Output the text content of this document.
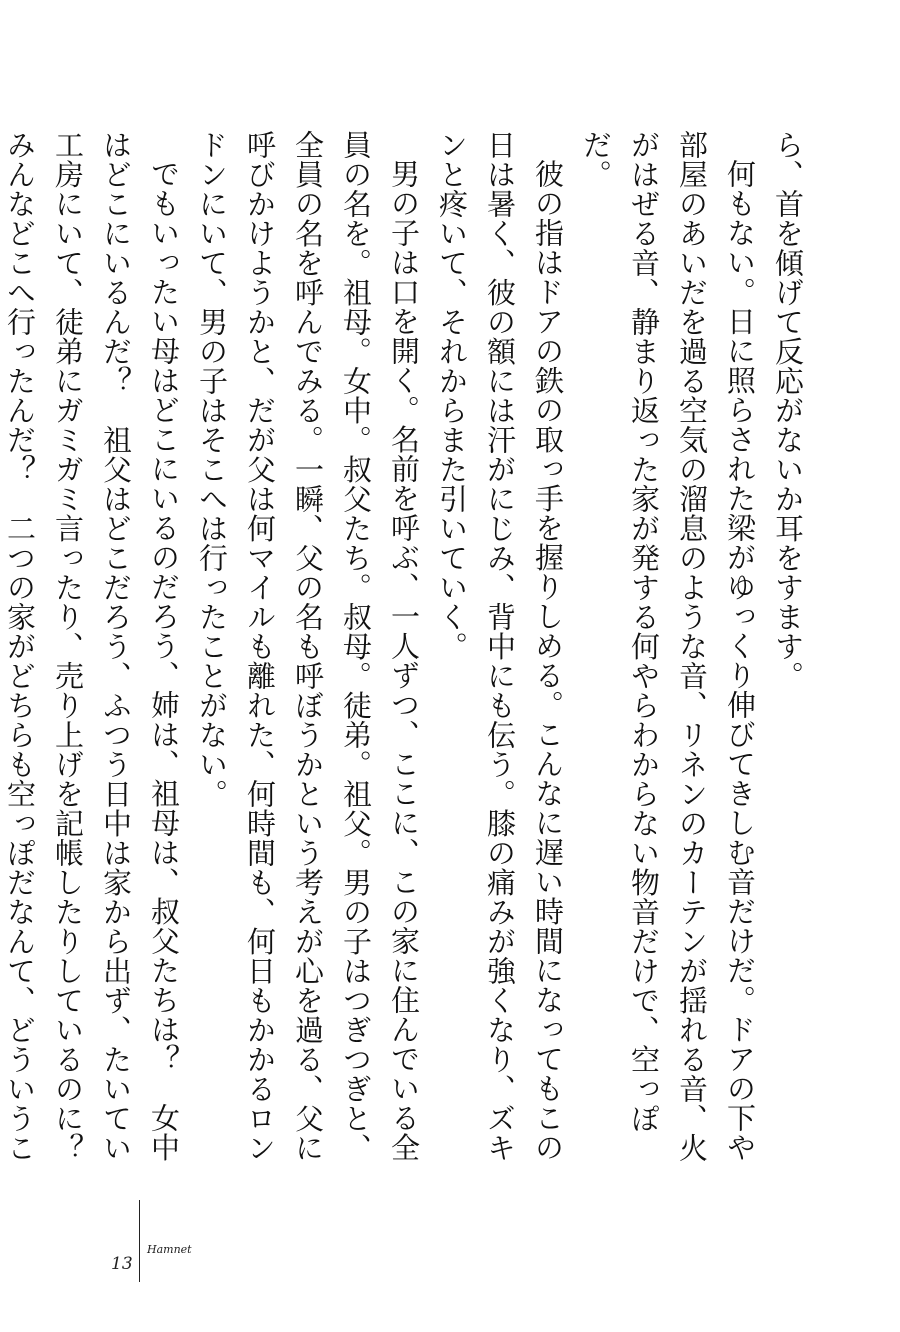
ら、首を傾げて反応がないか耳をすます。

何もない。日に照らされた梁がゆっくり伸びてきしむ音だけだ。ドアの下や部屋のあいだを過る空気の溜息のような音、リネンのカーテンが揺れる音、火がはぜる音、静まり返った家が発する何やらわからない物音だけで、空っぽだ。

彼の指はドアの鉄の取っ手を握りしめる。こんなに遅い時間になってもこの日は暑く、彼の額には汗がにじみ、背中にも伝う。膝の痛みが強くなり、ズキンと疼いて、それからまた引いていく。

男の子は口を開く。名前を呼ぶ、一人ずつ、ここに、この家に住んでいる全員の名を。祖母。女中。叔父たち。叔母。徒弟。祖父。男の子はつぎつぎと、全員の名を呼んでみる。一瞬、父の名も呼ぼうかという考えが心を過る、父に呼びかけようかと、だが父は何マイルも離れた、何時間も、何日もかかるロンドンにいて、男の子はそこへは行ったことがない。

でもいったい母はどこにいるのだろう、姉は、祖母は、叔父たちは？　女中はどこにいるんだ？　祖父はどこだろう、ふつう日中は家から出ず、たいてい工房にいて、徒弟にガミガミ言ったり、売り上げを記帳したりしているのに？　みんなどこへ行ったんだ？　二つの家がどちらも空っぽだなんて、どういうこ

13
Hamnet
